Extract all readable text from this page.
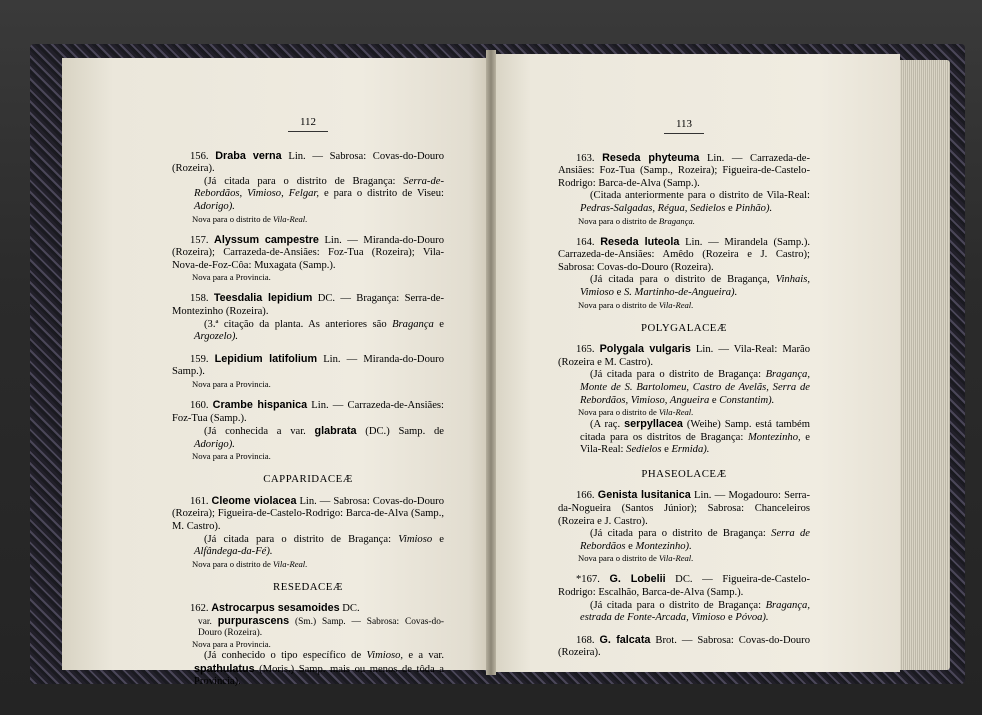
112

156. Draba verna Lin. — Sabrosa: Covas-do-Douro (Rozeira).

(Já citada para o distrito de Bragança: Serra-de-Rebordãos, Vimioso, Felgar, e para o distrito de Viseu: Adorigo).

Nova para o distrito de Vila-Real.

157. Alyssum campestre Lin. — Miranda-do-Douro (Rozeira); Carrazeda-de-Ansiães: Foz-Tua (Rozeira); Vila-Nova-de-Foz-Côa: Muxagata (Samp.).

Nova para a Provincia.

158. Teesdalia lepidium DC. — Bragança: Serra-de-Montezinho (Rozeira).

(3.ª citação da planta. As anteriores são Bragança e Argozelo).

159. Lepidium latifolium Lin. — Miranda-do-Douro Samp.).

Nova para a Provincia.

160. Crambe hispanica Lin. — Carrazeda-de-Ansiães: Foz-Tua (Samp.).

(Já conhecida a var. glabrata (DC.) Samp. de Adorigo).

Nova para a Provincia.

CAPPARIDACEÆ

161. Cleome violacea Lin. — Sabrosa: Covas-do-Douro (Rozeira); Figueira-de-Castelo-Rodrigo: Barca-de-Alva (Samp., M. Castro).

(Já citada para o distrito de Bragança: Vimioso e Alfândega-da-Fé).

Nova para o distrito de Vila-Real.

RESEDACEÆ

162. Astrocarpus sesamoides DC.

var. purpurascens (Sm.) Samp. — Sabrosa: Covas-do-Douro (Rozeira).

Nova para a Provincia.

(Já conhecido o tipo específico de Vimioso, e a var. spathulatus (Moris.) Samp. mais ou menos de tôda a Provincia).

113

163. Reseda phyteuma Lin. — Carrazeda-de-Ansiães: Foz-Tua (Samp., Rozeira); Figueira-de-Castelo-Rodrigo: Barca-de-Alva (Samp.).

(Citada anteriormente para o distrito de Vila-Real: Pedras-Salgadas, Régua, Sedielos e Pinhão).

Nova para o distrito de Bragança.

164. Reseda luteola Lin. — Mirandela (Samp.). Carrazeda-de-Ansiães: Amêdo (Rozeira e J. Castro); Sabrosa: Covas-do-Douro (Rozeira).

(Já citada para o distrito de Bragança, Vinhais, Vimioso e S. Martinho-de-Angueira).

Nova para o distrito de Vila-Real.

POLYGALACEÆ

165. Polygala vulgaris Lin. — Vila-Real: Marão (Rozeira e M. Castro).

(Já citada para o distrito de Bragança: Bragança, Monte de S. Bartolomeu, Castro de Avelãs, Serra de Rebordãos, Vimioso, Angueira e Constantim).

Nova para o distrito de Vila-Real.

(A raç. serpyllacea (Weihe) Samp. está também citada para os distritos de Bragança: Montezinho, e Vila-Real: Sedielos e Ermida).

PHASEOLACEÆ

166. Genista lusitanica Lin. — Mogadouro: Serra-da-Nogueira (Santos Júnior); Sabrosa: Chanceleiros (Rozeira e J. Castro).

(Já citada para o distrito de Bragança: Serra de Rebordãos e Montezinho).

Nova para o distrito de Vila-Real.

*167. G. Lobelii DC. — Figueira-de-Castelo-Rodrigo: Escalhão, Barca-de-Alva (Samp.).

(Já citada para o distrito de Bragança: Bragança, estrada de Fonte-Arcada, Vimioso e Póvoa).

168. G. falcata Brot. — Sabrosa: Covas-do-Douro (Rozeira).
